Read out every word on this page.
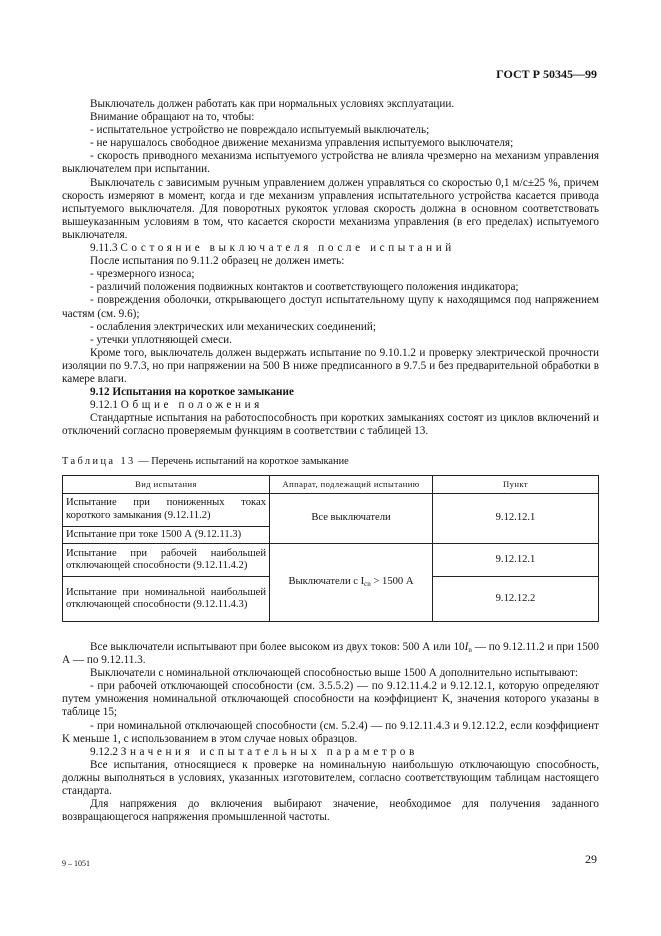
ГОСТ Р 50345—99

Выключатель должен работать как при нормальных условиях эксплуатации.

Внимание обращают на то, чтобы:

- испытательное устройство не повреждало испытуемый выключатель;

- не нарушалось свободное движение механизма управления испытуемого выключателя;

- скорость приводного механизма испытуемого устройства не влияла чрезмерно на механизм управления выключателем при испытании.

Выключатель с зависимым ручным управлением должен управляться со скоростью 0,1 м/с±25 %, причем скорость измеряют в момент, когда и где механизм управления испытательного устройства касается привода испытуемого выключателя. Для поворотных рукояток угловая скорость должна в основном соответствовать вышеуказанным условиям в том, что касается скорости механизма управления (в его пределах) испытуемого выключателя.

9.11.3 Состояние выключателя после испытаний

После испытания по 9.11.2 образец не должен иметь:

- чрезмерного износа;

- различий положения подвижных контактов и соответствующего положения индикатора;

- повреждения оболочки, открывающего доступ испытательному щупу к находящимся под напряжением частям (см. 9.6);

- ослабления электрических или механических соединений;

- утечки уплотняющей смеси.

Кроме того, выключатель должен выдержать испытание по 9.10.1.2 и проверку электрической прочности изоляции по 9.7.3, но при напряжении на 500 В ниже предписанного в 9.7.5 и без предварительной обработки в камере влаги.

9.12 Испытания на короткое замыкание

9.12.1 Общие положения

Стандартные испытания на работоспособность при коротких замыканиях состоят из циклов включений и отключений согласно проверяемым функциям в соответствии с таблицей 13.

Таблица 13 — Перечень испытаний на короткое замыкание

Вид испытания	Аппарат, подлежащий испытанию	Пункт
Испытание при пониженных токах короткого замыкания (9.12.11.2)	Все выключатели	9.12.12.1
Испытание при токе 1500 А (9.12.11.3)		
Испытание при рабочей наибольшей отключающей способности (9.12.11.4.2)	Выключатели с $I_{cn} > 1500$ А	9.12.12.1
Испытание при номинальной наибольшей отключающей способности (9.12.11.4.3)		9.12.12.2

Все выключатели испытывают при более высоком из двух токов: 500 А или $10I_n$ — по 9.12.11.2 и при 1500 А — по 9.12.11.3.

Выключатели с номинальной отключающей способностью выше 1500 А дополнительно испытывают:

- при рабочей отключающей способности (см. 3.5.5.2) — по 9.12.11.4.2 и 9.12.12.1, которую определяют путем умножения номинальной отключающей способности на коэффициент K, значения которого указаны в таблице 15;

- при номинальной отключающей способности (см. 5.2.4) — по 9.12.11.4.3 и 9.12.12.2, если коэффициент K меньше 1, с использованием в этом случае новых образцов.

9.12.2 Значения испытательных параметров

Все испытания, относящиеся к проверке на номинальную наибольшую отключающую способность, должны выполняться в условиях, указанных изготовителем, согласно соответствующим таблицам настоящего стандарта.

Для напряжения до включения выбирают значение, необходимое для получения заданного возвращающегося напряжения промышленной частоты.

9 – 1051	29
